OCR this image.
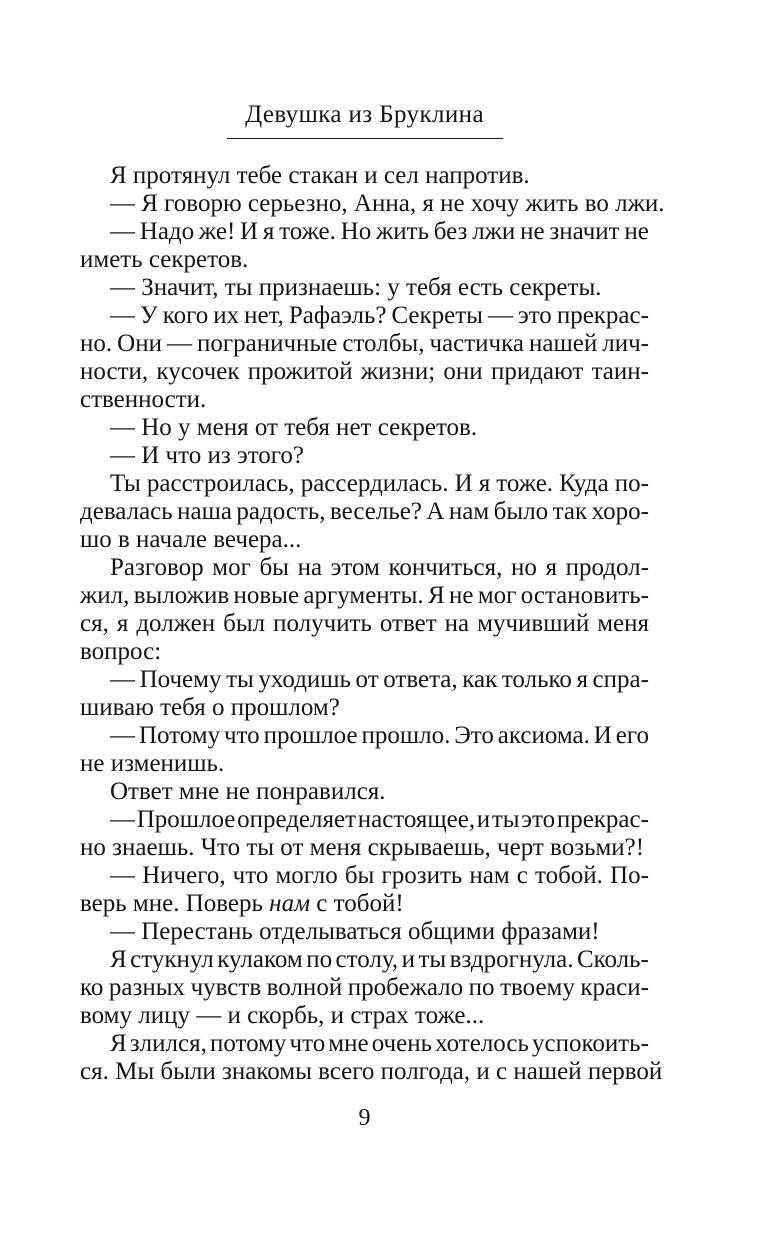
Девушка из Бруклина
Я протянул тебе стакан и сел напротив.
— Я говорю серьезно, Анна, я не хочу жить во лжи.
— Надо же! И я тоже. Но жить без лжи не значит не
иметь секретов.
— Значит, ты признаешь: у тебя есть секреты.
— У кого их нет, Рафаэль? Секреты — это прекрас-
но. Они — пограничные столбы, частичка нашей лич-
ности, кусочек прожитой жизни; они придают таин-
ственности.
— Но у меня от тебя нет секретов.
— И что из этого?
Ты расстроилась, рассердилась. И я тоже. Куда по-
девалась наша радость, веселье? А нам было так хоро-
шо в начале вечера...
Разговор мог бы на этом кончиться, но я продол-
жил, выложив новые аргументы. Я не мог остановить-
ся, я должен был получить ответ на мучивший меня
вопрос:
— Почему ты уходишь от ответа, как только я спра-
шиваю тебя о прошлом?
— Потому что прошлое прошло. Это аксиома. И его
не изменишь.
Ответ мне не понравился.
— Прошлое определяет настоящее, и ты это прекрас-
но знаешь. Что ты от меня скрываешь, черт возьми?!
— Ничего, что могло бы грозить нам с тобой. По-
верь мне. Поверь нам с тобой!
— Перестань отделываться общими фразами!
Я стукнул кулаком по столу, и ты вздрогнула. Сколь-
ко разных чувств волной пробежало по твоему краси-
вому лицу — и скорбь, и страх тоже...
Я злился, потому что мне очень хотелось успокоить-
ся. Мы были знакомы всего полгода, и с нашей первой
9
